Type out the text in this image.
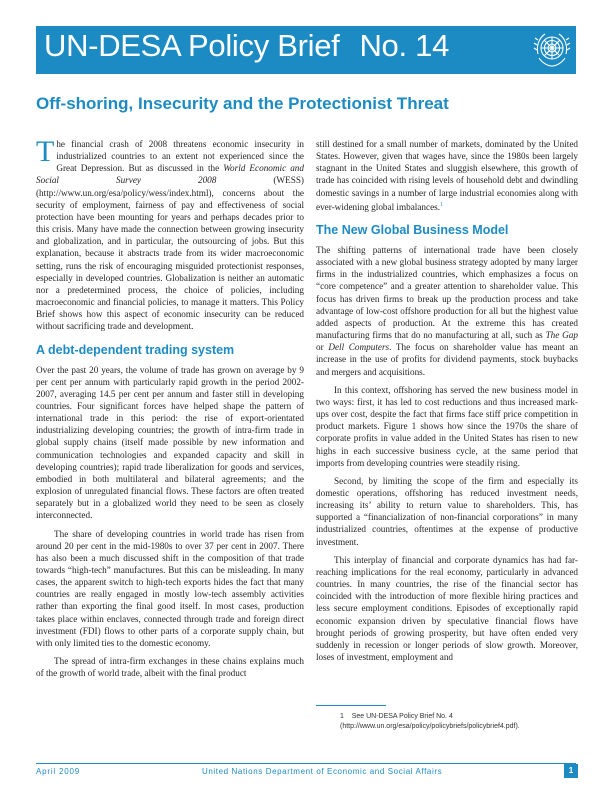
UN-DESA Policy Brief No. 14
Off-shoring, Insecurity and the Protectionist Threat

The financial crash of 2008 threatens economic insecurity in industrialized countries to an extent not experienced since the Great Depression. But as discussed in the World Economic and Social Survey 2008 (WESS) (http://www.un.org/esa/policy/wess/index.html), concerns about the security of employment, fairness of pay and effectiveness of social protection have been mounting for years and perhaps decades prior to this crisis. Many have made the connection between growing insecurity and globalization, and in particular, the outsourcing of jobs. But this explanation, because it abstracts trade from its wider macroeconomic setting, runs the risk of encouraging misguided protectionist responses, especially in developed countries. Globalization is neither an automatic nor a predetermined process, the choice of policies, including macroeconomic and financial policies, to manage it matters. This Policy Brief shows how this aspect of economic insecurity can be reduced without sacrificing trade and development.

A debt-dependent trading system

Over the past 20 years, the volume of trade has grown on average by 9 per cent per annum with particularly rapid growth in the period 2002-2007, averaging 14.5 per cent per annum and faster still in developing countries. Four significant forces have helped shape the pattern of international trade in this period: the rise of export-orientated industrializing developing countries; the growth of intra-firm trade in global supply chains (itself made possible by new information and communication technologies and expanded capacity and skill in developing countries); rapid trade liberalization for goods and services, embodied in both multilateral and bilateral agreements; and the explosion of unregulated financial flows. These factors are often treated separately but in a globalized world they need to be seen as closely interconnected.

The share of developing countries in world trade has risen from around 20 per cent in the mid-1980s to over 37 per cent in 2007. There has also been a much discussed shift in the composition of that trade towards “high-tech” manufactures. But this can be misleading. In many cases, the apparent switch to high-tech exports hides the fact that many countries are really engaged in mostly low-tech assembly activities rather than exporting the final good itself. In most cases, production takes place within enclaves, connected through trade and foreign direct investment (FDI) flows to other parts of a corporate supply chain, but with only limited ties to the domestic economy.

The spread of intra-firm exchanges in these chains explains much of the growth of world trade, albeit with the final product

still destined for a small number of markets, dominated by the United States. However, given that wages have, since the 1980s been largely stagnant in the United States and sluggish elsewhere, this growth of trade has coincided with rising levels of household debt and dwindling domestic savings in a number of large industrial economies along with ever-widening global imbalances.$^1$

The New Global Business Model

The shifting patterns of international trade have been closely associated with a new global business strategy adopted by many larger firms in the industrialized countries, which emphasizes a focus on “core competence” and a greater attention to shareholder value. This focus has driven firms to break up the production process and take advantage of low-cost offshore production for all but the highest value added aspects of production. At the extreme this has created manufacturing firms that do no manufacturing at all, such as The Gap or Dell Computers. The focus on shareholder value has meant an increase in the use of profits for dividend payments, stock buybacks and mergers and acquisitions.

In this context, offshoring has served the new business model in two ways: first, it has led to cost reductions and thus increased mark-ups over cost, despite the fact that firms face stiff price competition in product markets. Figure 1 shows how since the 1970s the share of corporate profits in value added in the United States has risen to new highs in each successive business cycle, at the same period that imports from developing countries were steadily rising.

Second, by limiting the scope of the firm and especially its domestic operations, offshoring has reduced investment needs, increasing its’ ability to return value to shareholders. This, has supported a “financialization of non-financial corporations” in many industrialized countries, oftentimes at the expense of productive investment.

This interplay of financial and corporate dynamics has had far-reaching implications for the real economy, particularly in advanced countries. In many countries, the rise of the financial sector has coincided with the introduction of more flexible hiring practices and less secure employment conditions. Episodes of exceptionally rapid economic expansion driven by speculative financial flows have brought periods of growing prosperity, but have often ended very suddenly in recession or longer periods of slow growth. Moreover, loses of investment, employment and

1 See UN-DESA Policy Brief No. 4 (http://www.un.org/esa/policy/policybriefs/policybrief4.pdf).
April 2009	United Nations Department of Economic and Social Affairs	1
